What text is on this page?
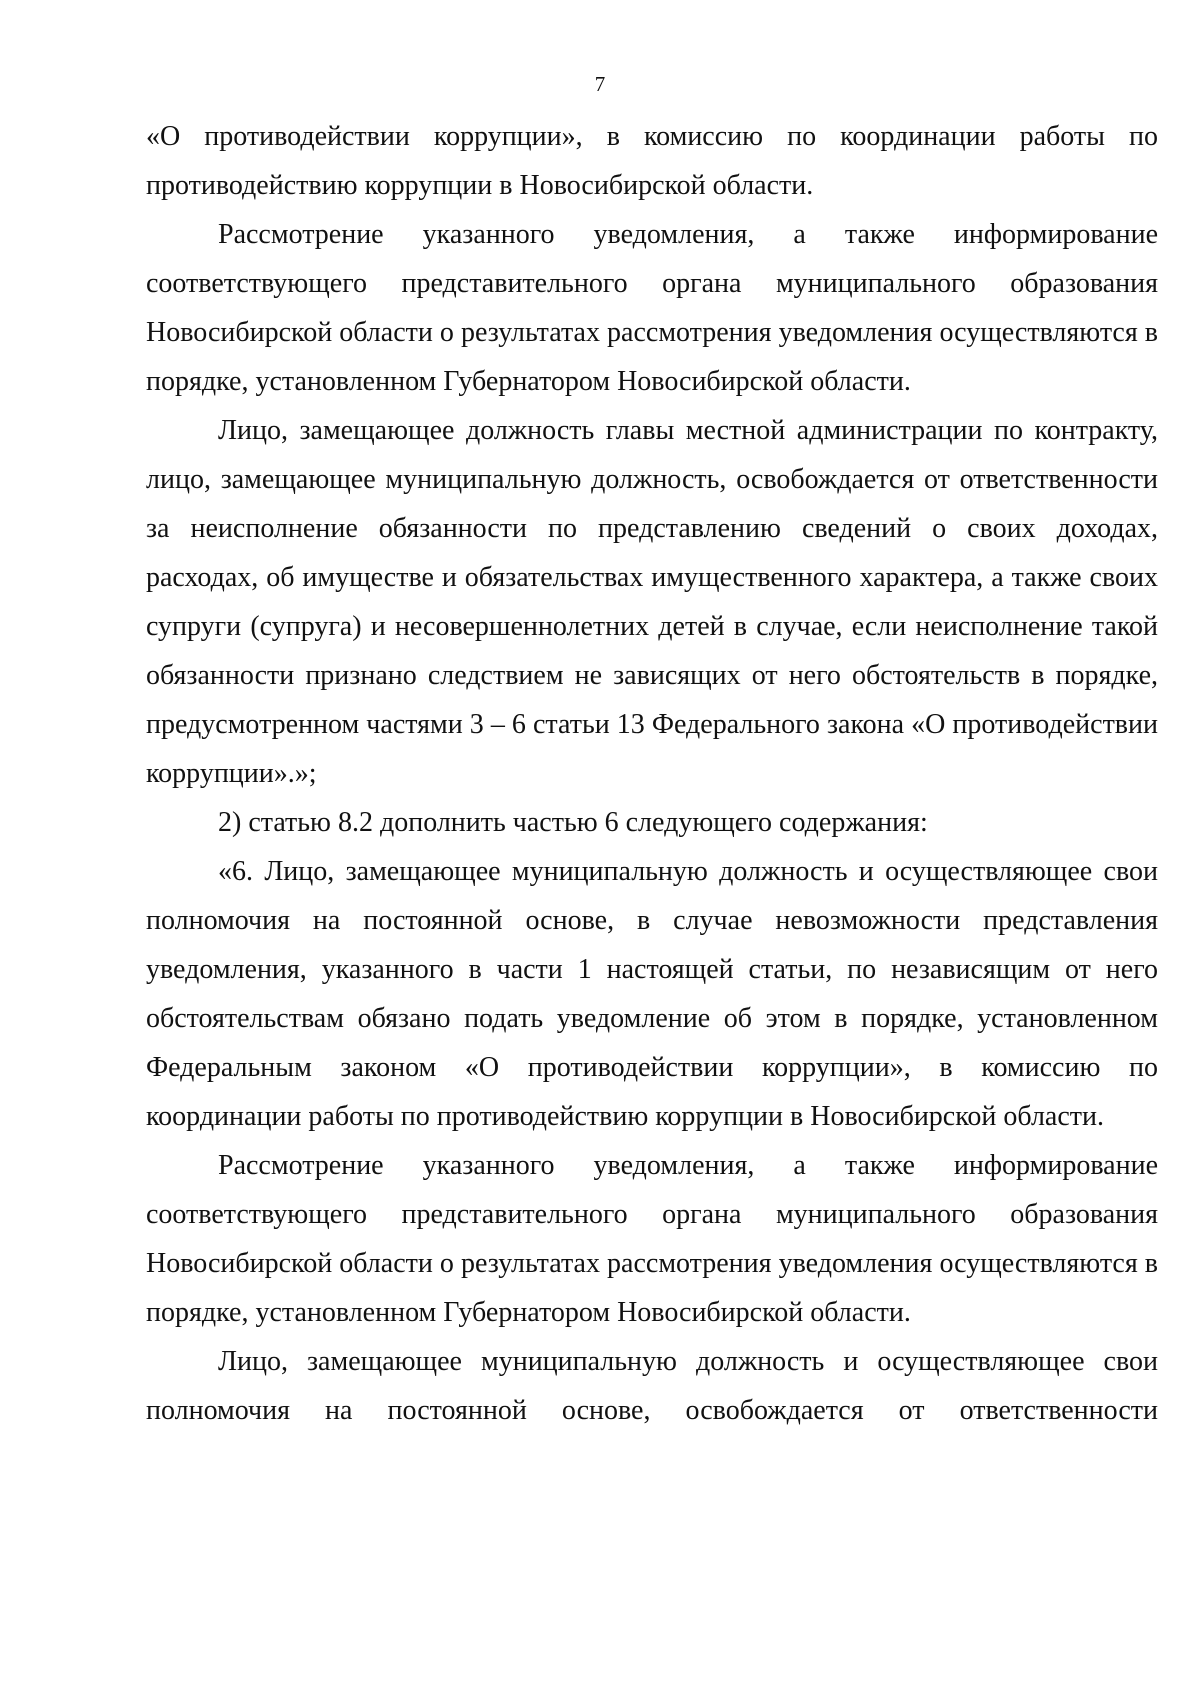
7

«О противодействии коррупции», в комиссию по координации работы по противодействию коррупции в Новосибирской области.

Рассмотрение указанного уведомления, а также информирование соответствующего представительного органа муниципального образования Новосибирской области о результатах рассмотрения уведомления осуществляются в порядке, установленном Губернатором Новосибирской области.

Лицо, замещающее должность главы местной администрации по контракту, лицо, замещающее муниципальную должность, освобождается от ответственности за неисполнение обязанности по представлению сведений о своих доходах, расходах, об имуществе и обязательствах имущественного характера, а также своих супруги (супруга) и несовершеннолетних детей в случае, если неисполнение такой обязанности признано следствием не зависящих от него обстоятельств в порядке, предусмотренном частями 3 – 6 статьи 13 Федерального закона «О противодействии коррупции».»;

2) статью 8.2 дополнить частью 6 следующего содержания:

«6. Лицо, замещающее муниципальную должность и осуществляющее свои полномочия на постоянной основе, в случае невозможности представления уведомления, указанного в части 1 настоящей статьи, по независящим от него обстоятельствам обязано подать уведомление об этом в порядке, установленном Федеральным законом «О противодействии коррупции», в комиссию по координации работы по противодействию коррупции в Новосибирской области.

Рассмотрение указанного уведомления, а также информирование соответствующего представительного органа муниципального образования Новосибирской области о результатах рассмотрения уведомления осуществляются в порядке, установленном Губернатором Новосибирской области.

Лицо, замещающее муниципальную должность и осуществляющее свои полномочия на постоянной основе, освобождается от ответственности
